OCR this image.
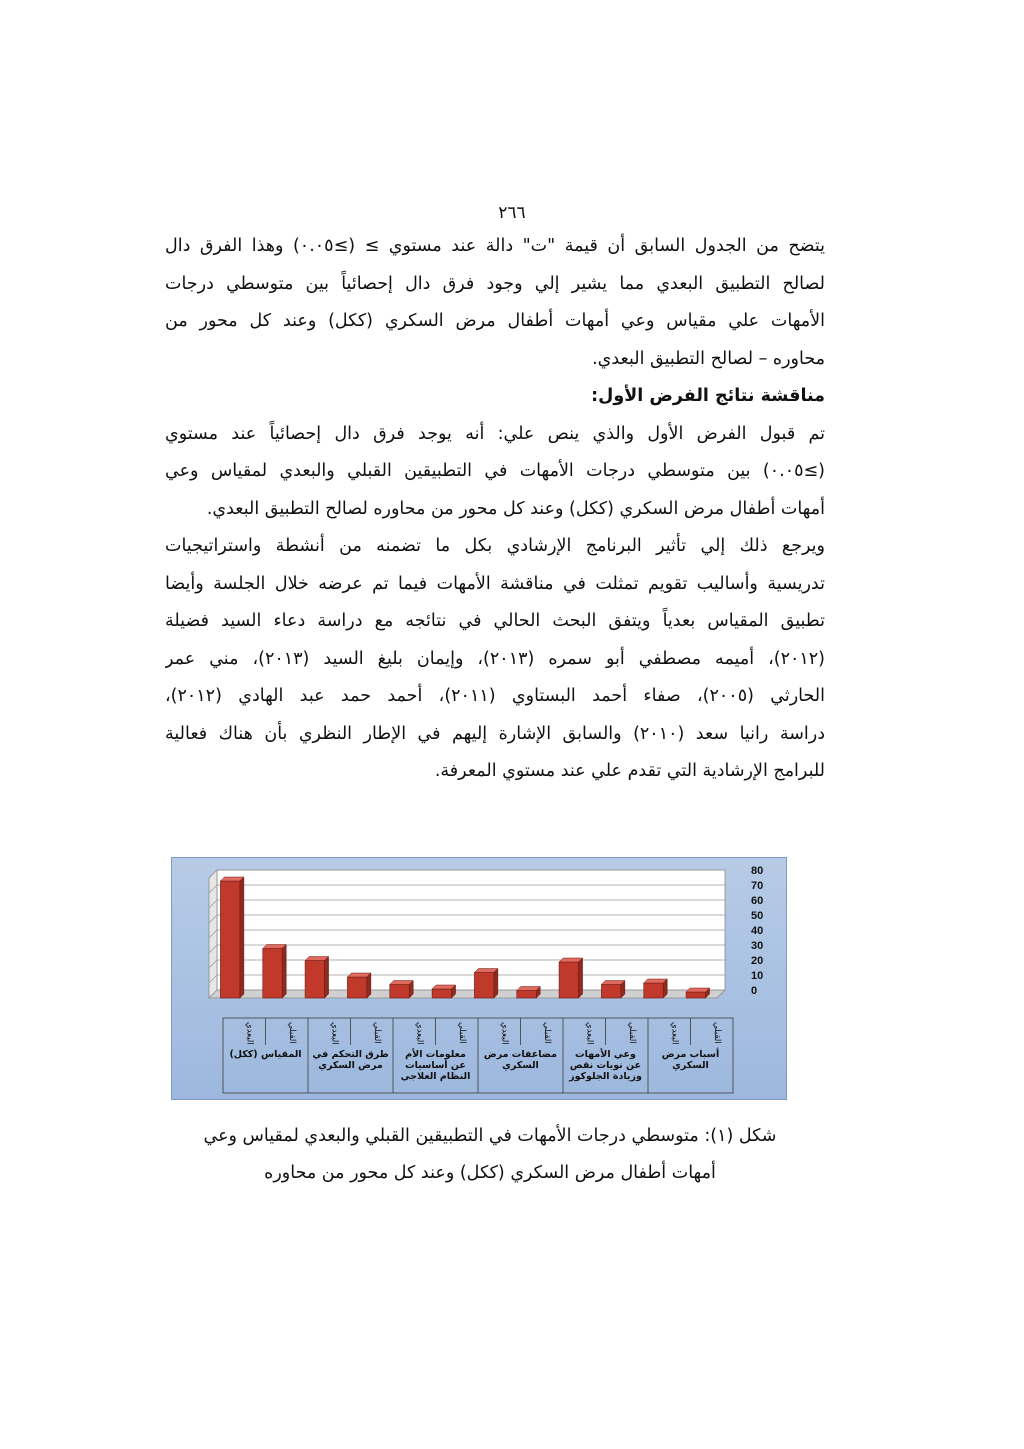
٢٦٦
يتضح من الجدول السابق أن قيمة "ت" دالة عند مستوي ≥ (≥٠.٠٥) وهذا الفرق دال
لصالح التطبيق البعدي مما يشير إلي وجود فرق دال إحصائياً بين متوسطي درجات
الأمهات علي مقياس وعي أمهات أطفال مرض السكري (ككل) وعند كل محور من
محاوره – لصالح التطبيق البعدي.
مناقشة نتائج الفرض الأول:
تم قبول الفرض الأول والذي ينص علي: أنه يوجد فرق دال إحصائياً عند مستوي
(≥٠.٠٥) بين متوسطي درجات الأمهات في التطبيقين القبلي والبعدي لمقياس وعي
أمهات أطفال مرض السكري (ككل) وعند كل محور من محاوره لصالح التطبيق البعدي.
ويرجع ذلك إلي تأثير البرنامج الإرشادي بكل ما تضمنه من أنشطة واستراتيجيات
تدريسية وأساليب تقويم تمثلت في مناقشة الأمهات فيما تم عرضه خلال الجلسة وأيضا
تطبيق المقياس بعدياً ويتفق البحث الحالي في نتائجه مع دراسة دعاء السيد فضيلة
(٢٠١٢)، أميمه مصطفي أبو سمره (٢٠١٣)، وإيمان بليغ السيد (٢٠١٣)، مني عمر
الحارثي (٢٠٠٥)، صفاء أحمد البستاوي (٢٠١١)، أحمد حمد عبد الهادي (٢٠١٢)،
دراسة رانيا سعد (٢٠١٠) والسابق الإشارة إليهم في الإطار النظري بأن هناك فعالية
للبرامج الإرشادية التي تقدم علي عند مستوي المعرفة.
80
70
60
50
40
30
20
10
0
البعدي	القبلي	البعدي	القبلي	البعدي	القبلي	البعدي	القبلي	البعدي	القبلي	البعدي	القبلي
المقياس (ككل) طرق التحكم في
مرض السكري
معلومات الأم
عن أساسيات
النظام العلاجي
مضاعفات مرض
السكري
وعي الأمهات
عن نوبات نقص
وزيادة الجلوكوز
أسباب مرض
السكري
شكل (١): متوسطي درجات الأمهات في التطبيقين القبلي والبعدي لمقياس وعي
أمهات أطفال مرض السكري (ككل) وعند كل محور من محاوره
